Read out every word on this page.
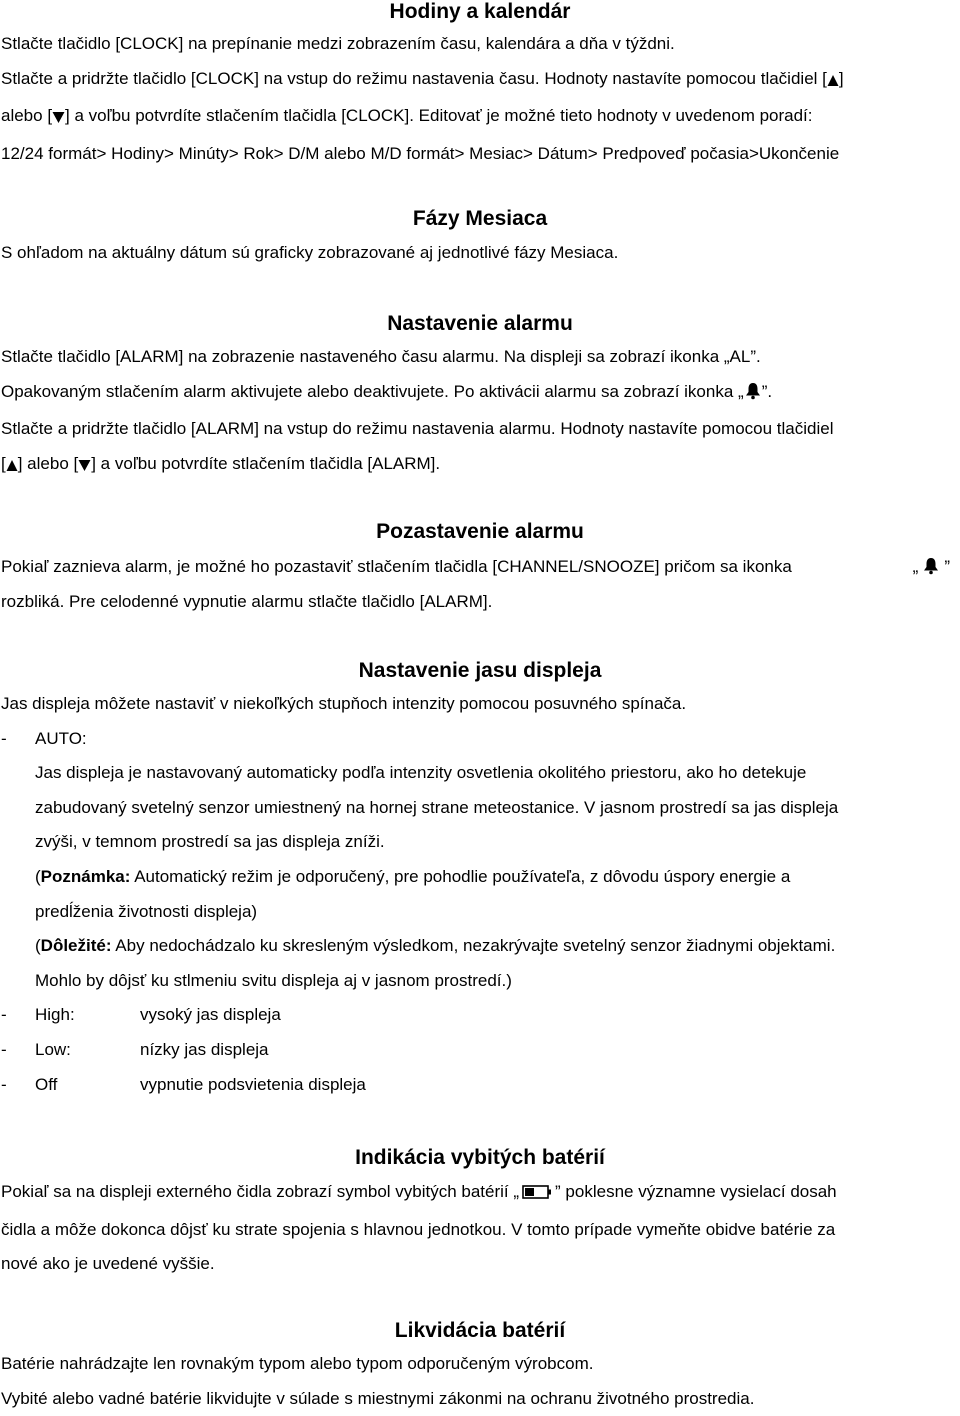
Hodiny a kalendár

Stlačte tlačidlo [CLOCK] na prepínanie medzi zobrazením času, kalendára a dňa v týždni.

Stlačte a pridržte tlačidlo [CLOCK] na vstup do režimu nastavenia času. Hodnoty nastavíte pomocou tlačidiel [ ]

alebo [ ] a voľbu potvrdíte stlačením tlačidla [CLOCK]. Editovať je možné tieto hodnoty v uvedenom poradí:

12/24 formát> Hodiny> Minúty> Rok> D/M alebo M/D formát> Mesiac> Dátum> Predpoveď počasia>Ukončenie

Fázy Mesiaca

S ohľadom na aktuálny dátum sú graficky zobrazované aj jednotlivé fázy Mesiaca.

Nastavenie alarmu

Stlačte tlačidlo [ALARM] na zobrazenie nastaveného času alarmu. Na displeji sa zobrazí ikonka „AL”.

Opakovaným stlačením alarm aktivujete alebo deaktivujete. Po aktivácii alarmu sa zobrazí ikonka „ ”.

Stlačte a pridržte tlačidlo [ALARM] na vstup do režimu nastavenia alarmu. Hodnoty nastavíte pomocou tlačidiel

[ ] alebo [ ] a voľbu potvrdíte stlačením tlačidla [ALARM].

Pozastavenie alarmu

Pokiaľ zaznieva alarm, je možné ho pozastaviť stlačením tlačidla [CHANNEL/SNOOZE] pričom sa ikonka	„ ”

rozbliká. Pre celodenné vypnutie alarmu stlačte tlačidlo [ALARM].

Nastavenie jasu displeja

Jas displeja môžete nastaviť v niekoľkých stupňoch intenzity pomocou posuvného spínača.

- AUTO:

Jas displeja je nastavovaný automaticky podľa intenzity osvetlenia okolitého priestoru, ako ho detekuje

zabudovaný svetelný senzor umiestnený na hornej strane meteostanice. V jasnom prostredí sa jas displeja

zvýši, v temnom prostredí sa jas displeja zníži.

(Poznámka: Automatický režim je odporučený, pre pohodlie používateľa, z dôvodu úspory energie a

predĺženia životnosti displeja)

(Dôležité: Aby nedochádzalo ku skresleným výsledkom, nezakrývajte svetelný senzor žiadnymi objektami.

Mohlo by dôjsť ku stlmeniu svitu displeja aj v jasnom prostredí.)

- High:	vysoký jas displeja

- Low:	nízky jas displeja

- Off	vypnutie podsvietenia displeja

Indikácia vybitých batérií

Pokiaľ sa na displeji externého čidla zobrazí symbol vybitých batérií „ ” poklesne významne vysielací dosah

čidla a môže dokonca dôjsť ku strate spojenia s hlavnou jednotkou. V tomto prípade vymeňte obidve batérie za

nové ako je uvedené vyššie.

Likvidácia batérií

Batérie nahrádzajte len rovnakým typom alebo typom odporučeným výrobcom.

Vybité alebo vadné batérie likvidujte v súlade s miestnymi zákonmi na ochranu životného prostredia.
